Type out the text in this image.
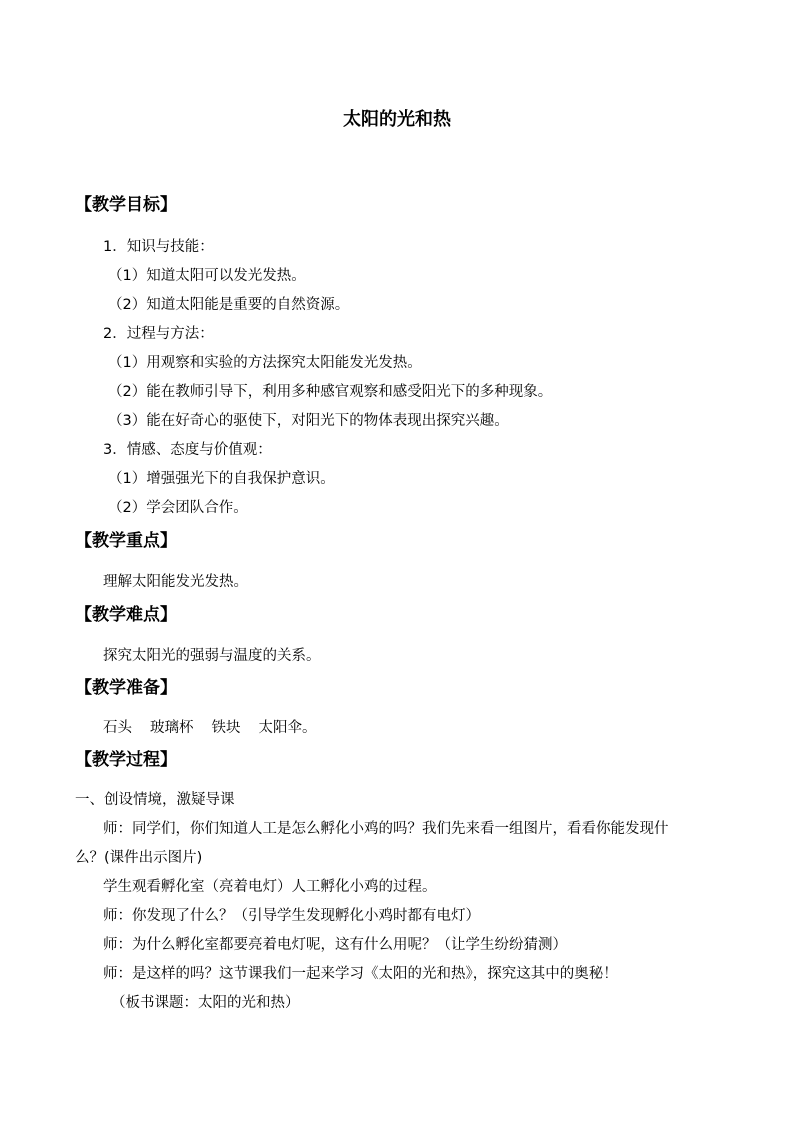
太阳的光和热
【教学目标】
1．知识与技能：
（1）知道太阳可以发光发热。
（2）知道太阳能是重要的自然资源。
2．过程与方法：
（1）用观察和实验的方法探究太阳能发光发热。
（2）能在教师引导下，利用多种感官观察和感受阳光下的多种现象。
（3）能在好奇心的驱使下，对阳光下的物体表现出探究兴趣。
3．情感、态度与价值观：
（1）增强强光下的自我保护意识。
（2）学会团队合作。
【教学重点】
理解太阳能发光发热。
【教学难点】
探究太阳光的强弱与温度的关系。
【教学准备】
石头 玻璃杯 铁块 太阳伞。
【教学过程】
一、创设情境，激疑导课
师：同学们，你们知道人工是怎么孵化小鸡的吗？我们先来看一组图片，看看你能发现什
么？(课件出示图片)
学生观看孵化室（亮着电灯）人工孵化小鸡的过程。
师：你发现了什么？（引导学生发现孵化小鸡时都有电灯）
师：为什么孵化室都要亮着电灯呢，这有什么用呢？（让学生纷纷猜测）
师：是这样的吗？这节课我们一起来学习《太阳的光和热》，探究这其中的奥秘！
（板书课题：太阳的光和热）
